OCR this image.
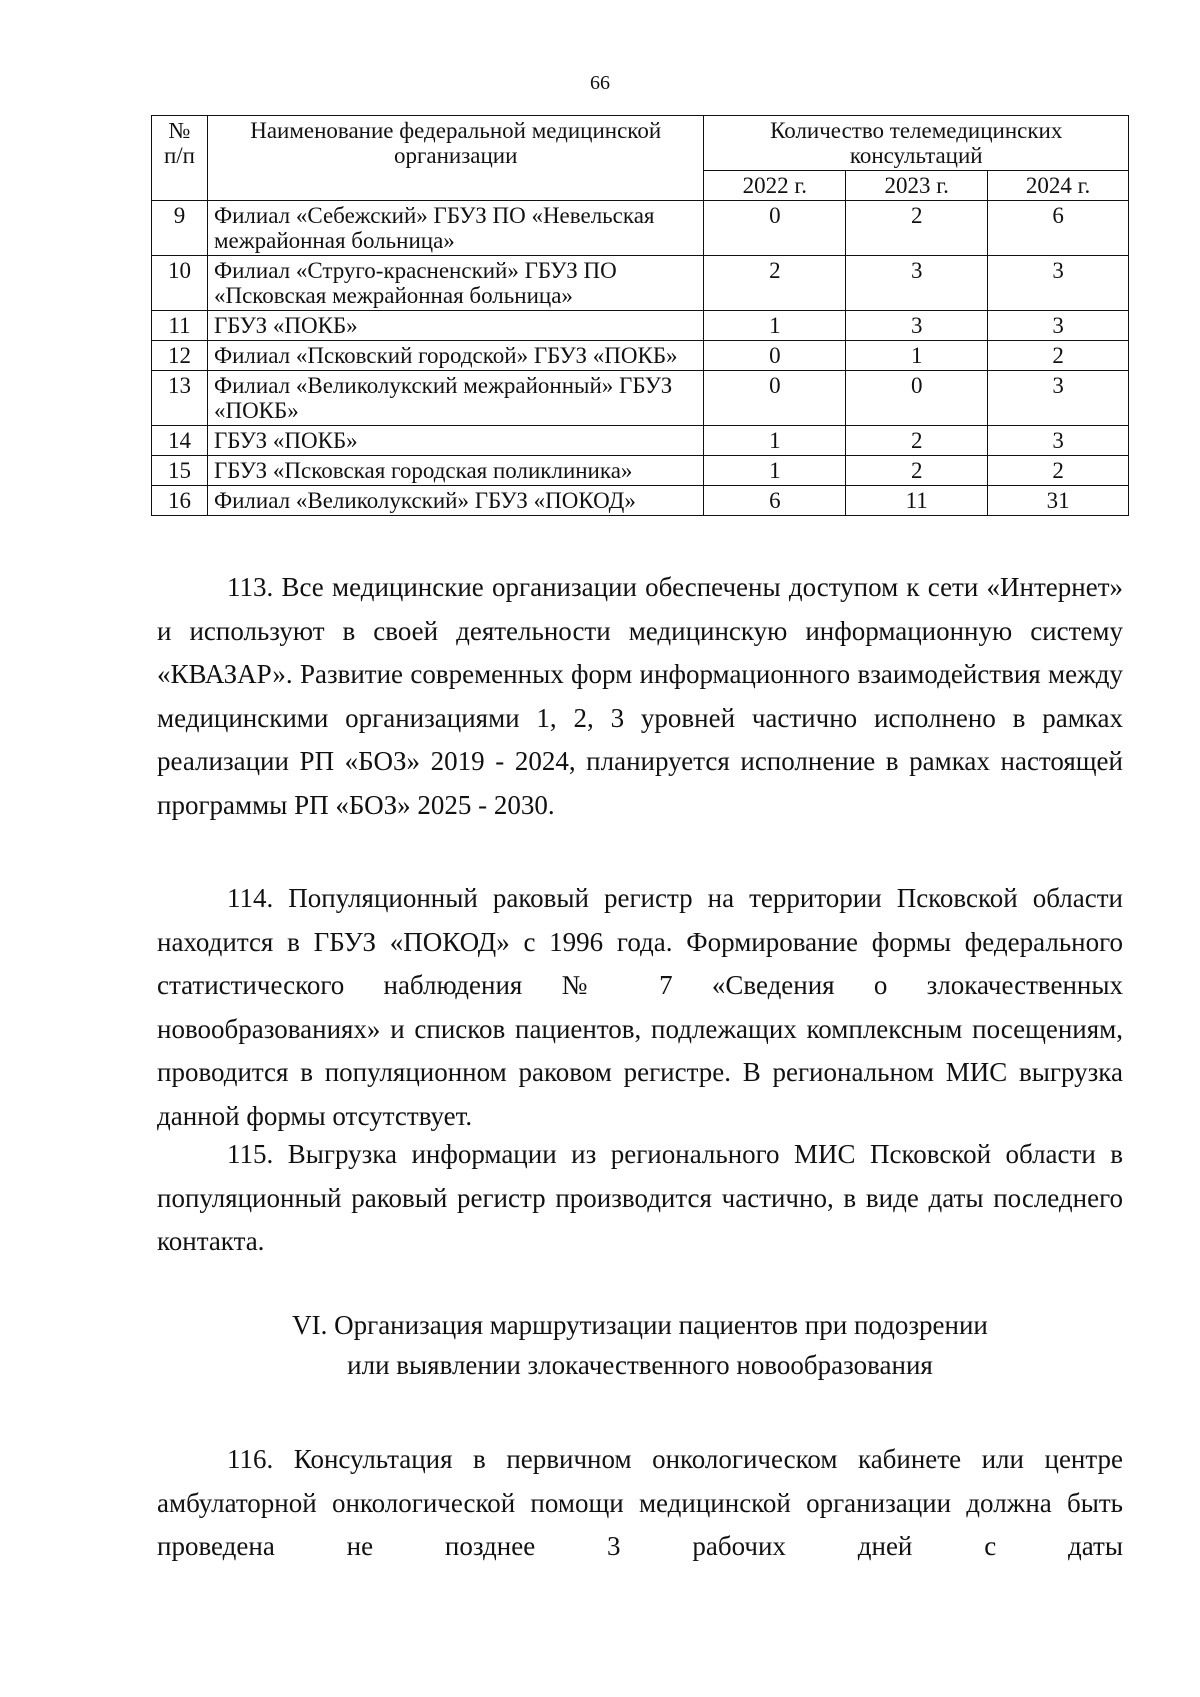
66
№ п/п	Наименование федеральной медицинской организации	Количество телемедицинских консультаций		
		2022 г.	2023 г.	2024 г.
9	Филиал «Себежский» ГБУЗ ПО «Невельская межрайонная больница»	0	2	6
10	Филиал «Струго-красненский» ГБУЗ ПО «Псковская межрайонная больница»	2	3	3
11	ГБУЗ «ПОКБ»	1	3	3
12	Филиал «Псковский городской» ГБУЗ «ПОКБ»	0	1	2
13	Филиал «Великолукский межрайонный» ГБУЗ «ПОКБ»	0	0	3
14	ГБУЗ «ПОКБ»	1	2	3
15	ГБУЗ «Псковская городская поликлиника»	1	2	2
16	Филиал «Великолукский» ГБУЗ «ПОКОД»	6	11	31

113. Все медицинские организации обеспечены доступом к сети «Интернет» и используют в своей деятельности медицинскую информационную систему «КВАЗАР». Развитие современных форм информационного взаимодействия между медицинскими организациями 1, 2, 3 уровней частично исполнено в рамках реализации РП «БОЗ» 2019 - 2024, планируется исполнение в рамках настоящей программы РП «БОЗ» 2025 - 2030.

114. Популяционный раковый регистр на территории Псковской области находится в ГБУЗ «ПОКОД» с 1996 года. Формирование формы федерального статистического наблюдения № 7 «Сведения о злокачественных новообразованиях» и списков пациентов, подлежащих комплексным посещениям, проводится в популяционном раковом регистре. В региональном МИС выгрузка данной формы отсутствует.

115. Выгрузка информации из регионального МИС Псковской области в популяционный раковый регистр производится частично, в виде даты последнего контакта.

VI. Организация маршрутизации пациентов при подозрении
или выявлении злокачественного новообразования

116. Консультация в первичном онкологическом кабинете или центре амбулаторной онкологической помощи медицинской организации должна быть проведена не позднее 3 рабочих дней с даты
